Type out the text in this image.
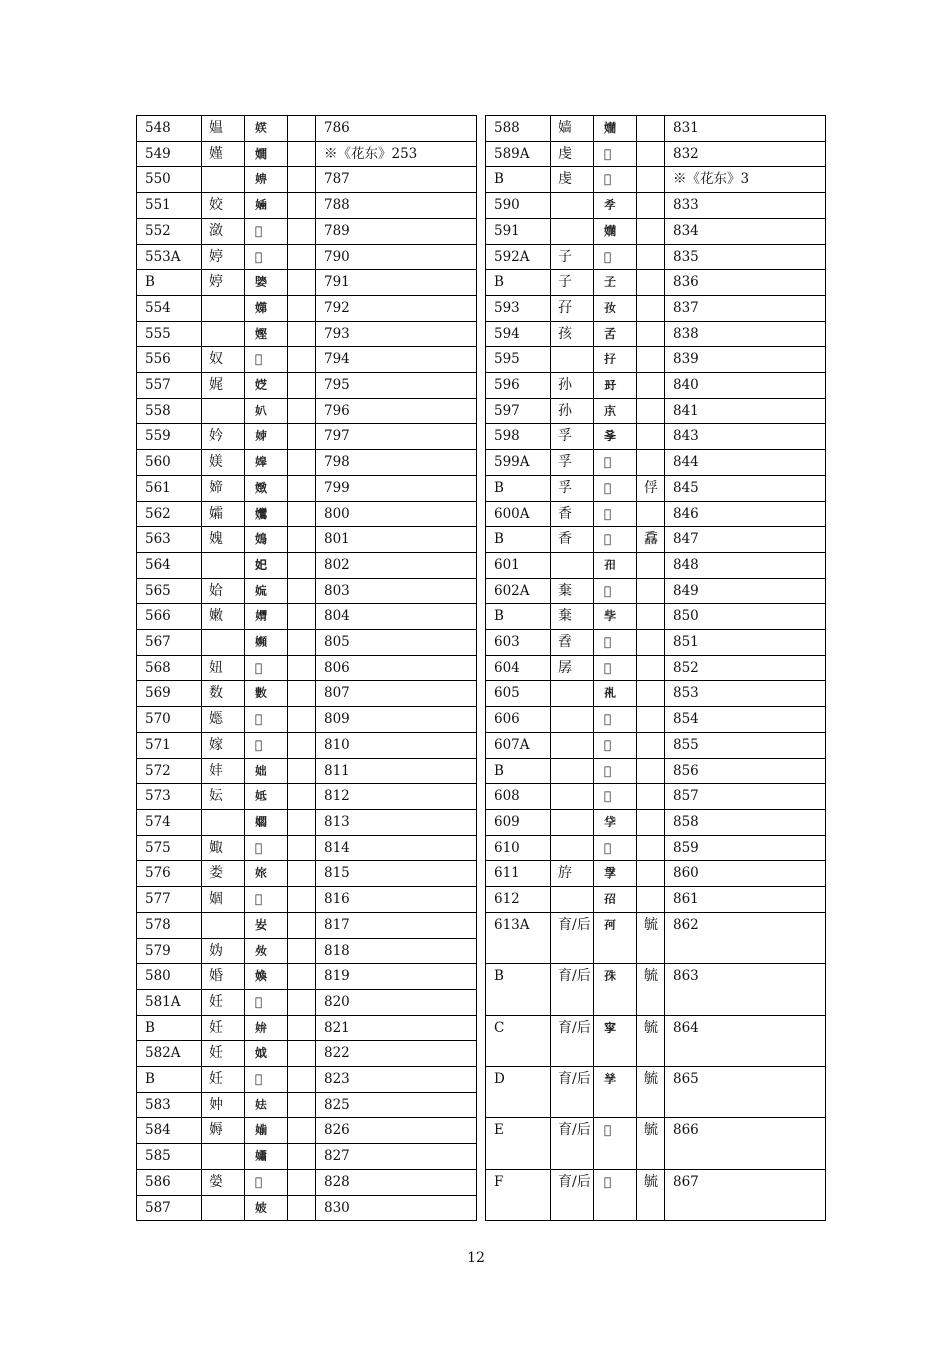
548	媪	𡝩		786
549	嫤	𡢃		※《花东》253
550		𡞑		787
551	姣	𡟢		788
552	潋	𣾅		789
553A	婷	𡟧		790
B	婷	𡟨		791
554		𡠨		792
555		𡠩		793
556	奴	𡚪		794
557	娓	𡝳		795
558		𡚭		796
559	妗	𡛷		797
560	媄	𡟷		798
561	媂	𡟹		799
562	孀	𡤻		800
563	媿	𡡅		801
564		𡚱		802
565	姶	𡜋		803
566	嫩	𡣃		804
567		𡤉		805
568	妞	𡛔		806
569	数	𢿙		807
570	嫕	𡢫		809
571	嫁	𡟅		810
572	妦	𡛛		811
573	妘	𡛜		812
574		𡣽		813
575	娵	𡝆		814
576	娄	𡜅		815
577	婟	𡞊		816
578		𡚴		817
579	妫	𡛝		818
580	婚	𡞵		819
581A	妊	𡚵		820
B	妊	𡛞		821
582A	妊	𡛟		822
B	妊	𡟀		823
583	妕	𡛠		825
584	媷	𡠡		826
585		𡣾		827
586	嫈	𡟁		828
587		𡛡		830
588	嫱	𡤃		831
589A	虔	𧆟		832
B	虔	𧆠		※《花东》3
590		𡥉		833
591		𡤄		834
592A	子	𡤼		835
B	子	𡤽		836
593	孖	𡥃		837
594	孩	𡥄		838
595		𡥅		839
596	孙	𡥆		840
597	孙	𡥇		841
598	孚	𡥈		843
599A	孚	𡥊		844
B	孚	𡥋	俘	845
600A	香	𩠳		846
B	香	𩠴	馫	847
601		𡥌		848
602A	棄	𡥍		849
B	棄	𡥎		850
603	孴	𡥏		851
604	孱	𡥐		852
605		𡥑		853
606		𡥒		854
607A		𡥓		855
B		𡥔		856
608		𡥕		857
609		𡥖		858
610		𡥗		859
611	斿	𡥘		860
612		𡥙		861
613A	育/后	𡥚	毓	862
B	育/后	𡥛	毓	863
C	育/后	𡥜	毓	864
D	育/后	𡥝	毓	865
E	育/后	𡥞	毓	866
F	育/后	𡥟	毓	867
12
